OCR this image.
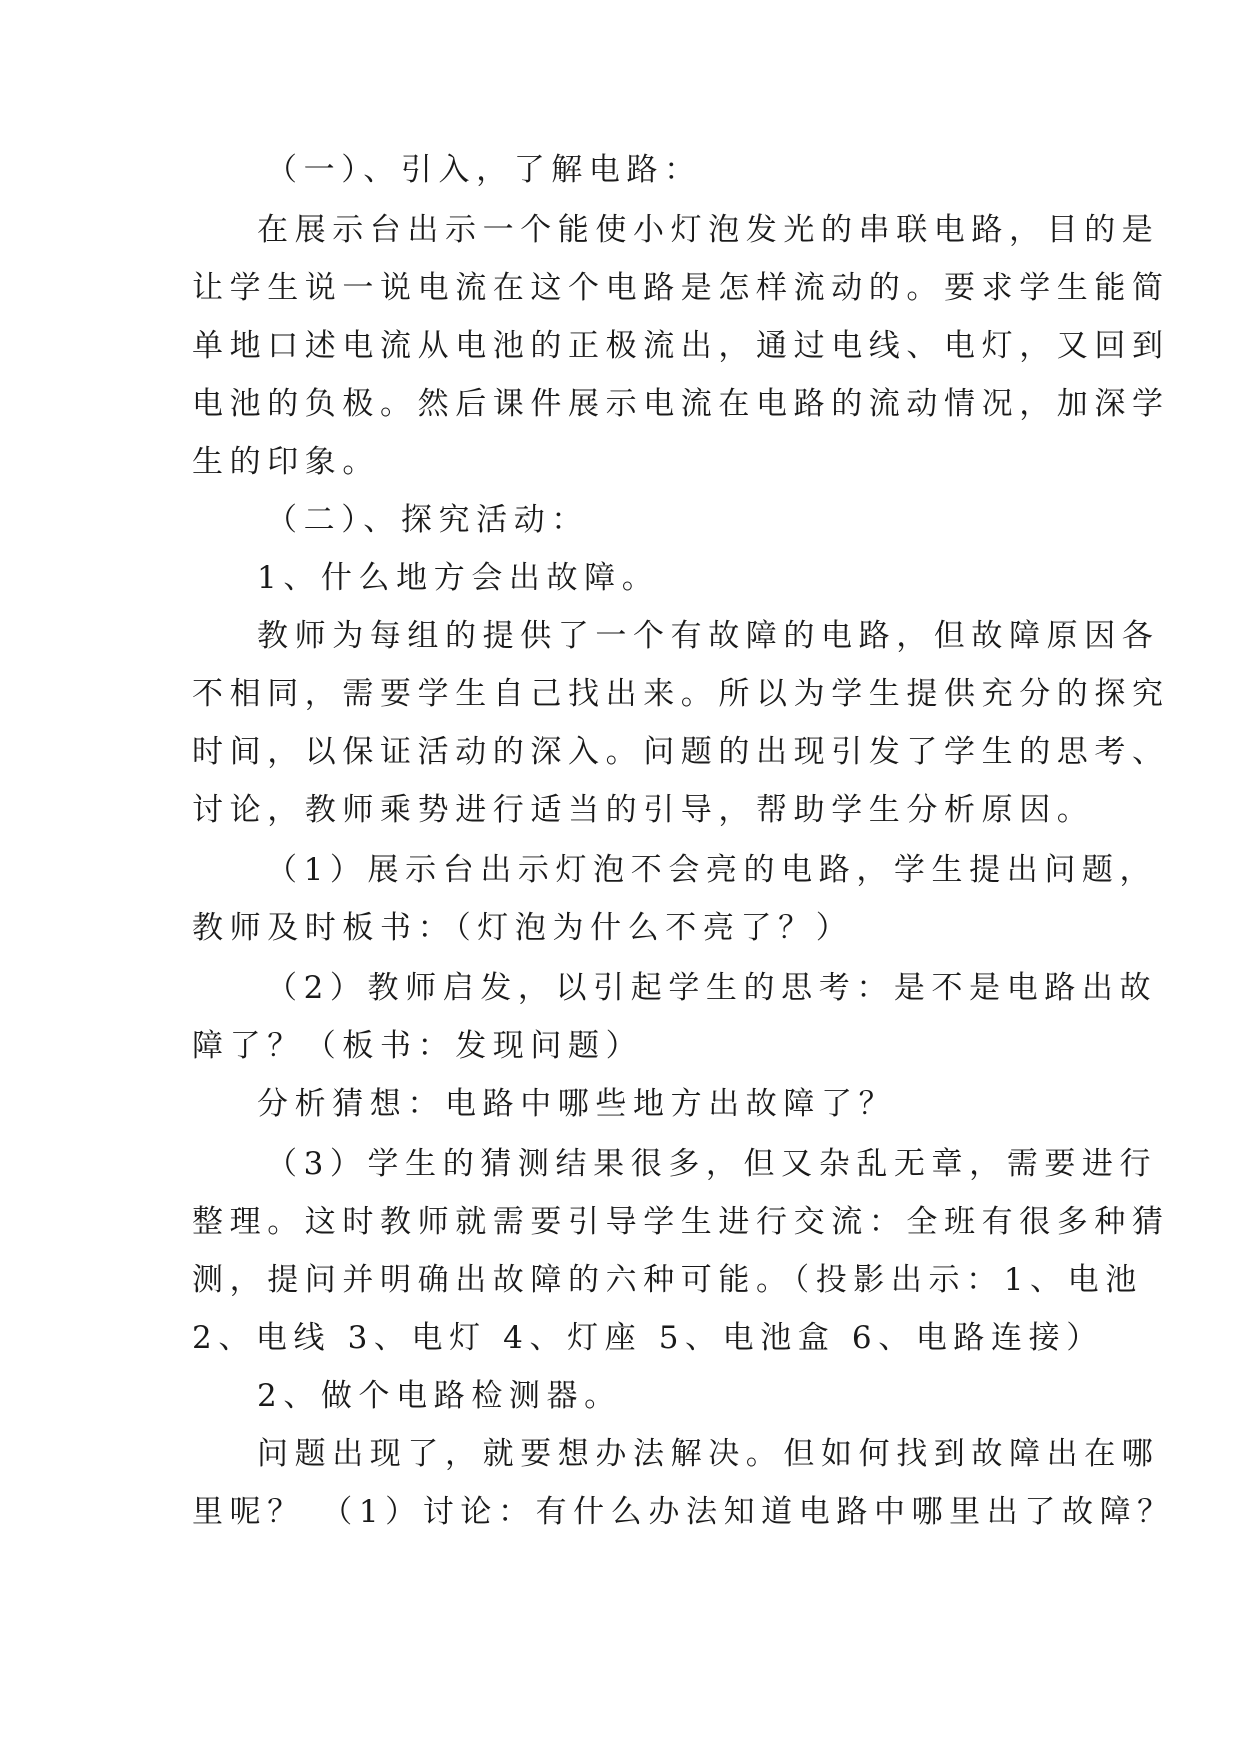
（一）、引入，了解电路：
在展示台出示一个能使小灯泡发光的串联电路，目的是
让学生说一说电流在这个电路是怎样流动的。要求学生能简
单地口述电流从电池的正极流出，通过电线、电灯，又回到
电池的负极。然后课件展示电流在电路的流动情况，加深学
生的印象。
（二）、探究活动：
1、什么地方会出故障。
教师为每组的提供了一个有故障的电路，但故障原因各
不相同，需要学生自己找出来。所以为学生提供充分的探究
时间，以保证活动的深入。问题的出现引发了学生的思考、
讨论，教师乘势进行适当的引导，帮助学生分析原因。
（1）展示台出示灯泡不会亮的电路，学生提出问题，
教师及时板书：（灯泡为什么不亮了？）
（2）教师启发，以引起学生的思考：是不是电路出故
障了？（板书：发现问题）
分析猜想：电路中哪些地方出故障了？
（3）学生的猜测结果很多，但又杂乱无章，需要进行
整理。这时教师就需要引导学生进行交流：全班有很多种猜
测，提问并明确出故障的六种可能。（投影出示：1、电池
2、电线 3、电灯 4、灯座 5、电池盒 6、电路连接）
2、做个电路检测器。
问题出现了，就要想办法解决。但如何找到故障出在哪
里呢？ （1）讨论：有什么办法知道电路中哪里出了故障？
